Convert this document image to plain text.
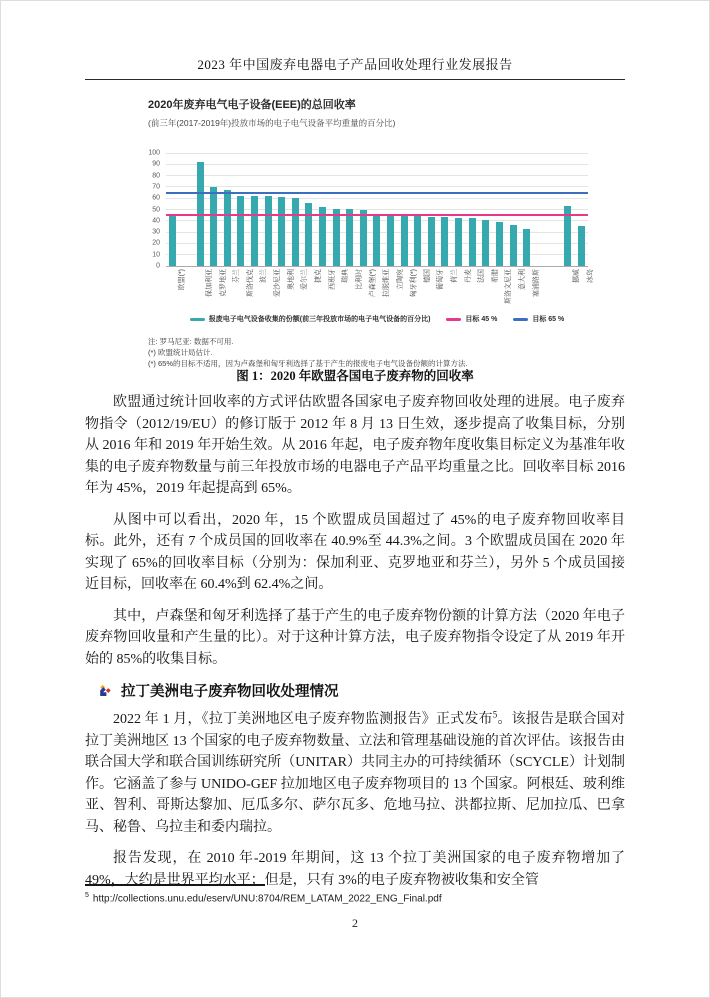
2023 年中国废弃电器电子产品回收处理行业发展报告
2020年废弃电气电子设备(EEE)的总回收率
(前三年(2017-2019年)投放市场的电子电气设备平均重量的百分比)
0
10
20
30
40
50
60
70
80
90
100
欧盟(*)	保加利亚 克罗地亚 芬兰 斯洛伐克 波兰 爱沙尼亚 奥地利 爱尔兰 捷克 西班牙 瑞典 比利时 卢森堡(*) 拉脱维亚 立陶宛 匈牙利(*) 德国 葡萄牙 荷兰 丹麦 法国 希腊 斯洛文尼亚 意大利 塞浦路斯	挪威 冰岛
报废电子电气设备收集的份额(前三年投放市场的电子电气设备的百分比)	目标 45 %	目标 65 %
注: 罗马尼亚: 数据不可用.
(*) 欧盟统计局估计.
(*) 65%的目标不适用，因为卢森堡和匈牙利选择了基于产生的报废电子电气设备份额的计算方法.
图 1：2020 年欧盟各国电子废弃物的回收率

欧盟通过统计回收率的方式评估欧盟各国家电子废弃物回收处理的进展。电子废弃物指令（2012/19/EU）的修订版于 2012 年 8 月 13 日生效，逐步提高了收集目标，分别从 2016 年和 2019 年开始生效。从 2016 年起，电子废弃物年度收集目标定义为基准年收集的电子废弃物数量与前三年投放市场的电器电子产品平均重量之比。回收率目标 2016 年为 45%，2019 年起提高到 65%。

从图中可以看出，2020 年，15 个欧盟成员国超过了 45%的电子废弃物回收率目标。此外，还有 7 个成员国的回收率在 40.9%至 44.3%之间。3 个欧盟成员国在 2020 年实现了 65%的回收率目标（分别为：保加利亚、克罗地亚和芬兰），另外 5 个成员国接近目标，回收率在 60.4%到 62.4%之间。

其中，卢森堡和匈牙利选择了基于产生的电子废弃物份额的计算方法（2020 年电子废弃物回收量和产生量的比）。对于这种计算方法，电子废弃物指令设定了从 2019 年开始的 85%的收集目标。

拉丁美洲电子废弃物回收处理情况

2022 年 1 月，《拉丁美洲地区电子废弃物监测报告》正式发布$^5$。该报告是联合国对拉丁美洲地区 13 个国家的电子废弃物数量、立法和管理基础设施的首次评估。该报告由联合国大学和联合国训练研究所（UNITAR）共同主办的可持续循环（SCYCLE）计划制作。它涵盖了参与 UNIDO-GEF 拉加地区电子废弃物项目的 13 个国家。阿根廷、玻利维亚、智利、哥斯达黎加、厄瓜多尔、萨尔瓦多、危地马拉、洪都拉斯、尼加拉瓜、巴拿马、秘鲁、乌拉圭和委内瑞拉。

报告发现，在 2010 年-2019 年期间，这 13 个拉丁美洲国家的电子废弃物增加了 49%，大约是世界平均水平；但是，只有 3%的电子废弃物被收集和安全管

$^5$ http://collections.unu.edu/eserv/UNU:8704/REM_LATAM_2022_ENG_Final.pdf
2
